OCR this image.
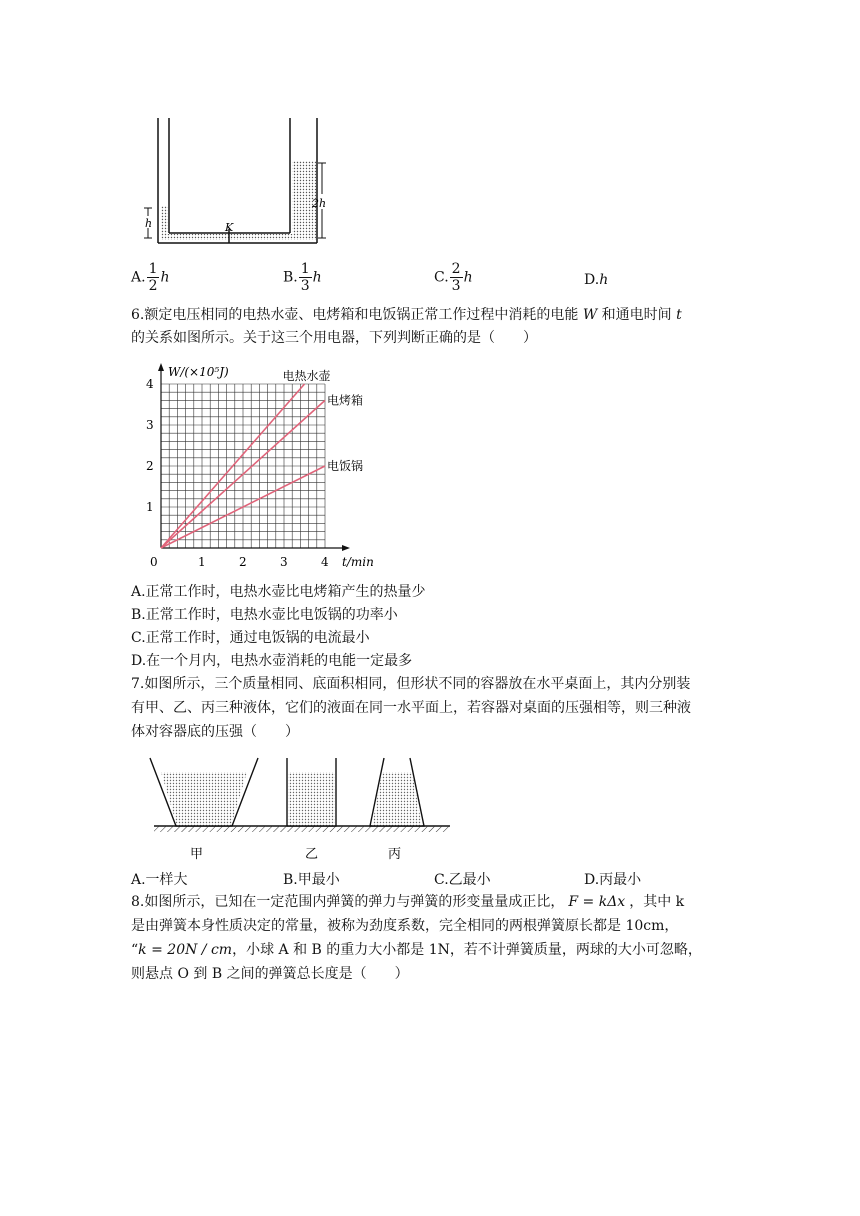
h	K
2h
A. $\frac{1}{2}$ h	B. $\frac{1}{3}$ h	C. $\frac{2}{3}$ h	D.h
6.额定电压相同的电热水壶、电烤箱和电饭锅正常工作过程中消耗的电能 W 和通电时间 t
的关系如图所示。关于这三个用电器，下列判断正确的是（　　）
W/(×10⁵J)
t/min
0	1	2	3	4
1
2
3
4
电热水壶
电烤箱
电饭锅
A.正常工作时，电热水壶比电烤箱产生的热量少
B.正常工作时，电热水壶比电饭锅的功率小
C.正常工作时，通过电饭锅的电流最小
D.在一个月内，电热水壶消耗的电能一定最多
7.如图所示，三个质量相同、底面积相同，但形状不同的容器放在水平桌面上，其内分别装
有甲、乙、丙三种液体，它们的液面在同一水平面上，若容器对桌面的压强相等，则三种液
体对容器底的压强（　　）
甲	乙	丙
A.一样大	B.甲最小	C.乙最小	D.丙最小
8.如图所示，已知在一定范围内弹簧的弹力与弹簧的形变量量成正比， F = kΔx ，其中 k
是由弹簧本身性质决定的常量，被称为劲度系数，完全相同的两根弹簧原长都是 10cm，
“k = 20N / cm，小球 A 和 B 的重力大小都是 1N，若不计弹簧质量，两球的大小可忽略，
则悬点 O 到 B 之间的弹簧总长度是（　　）
